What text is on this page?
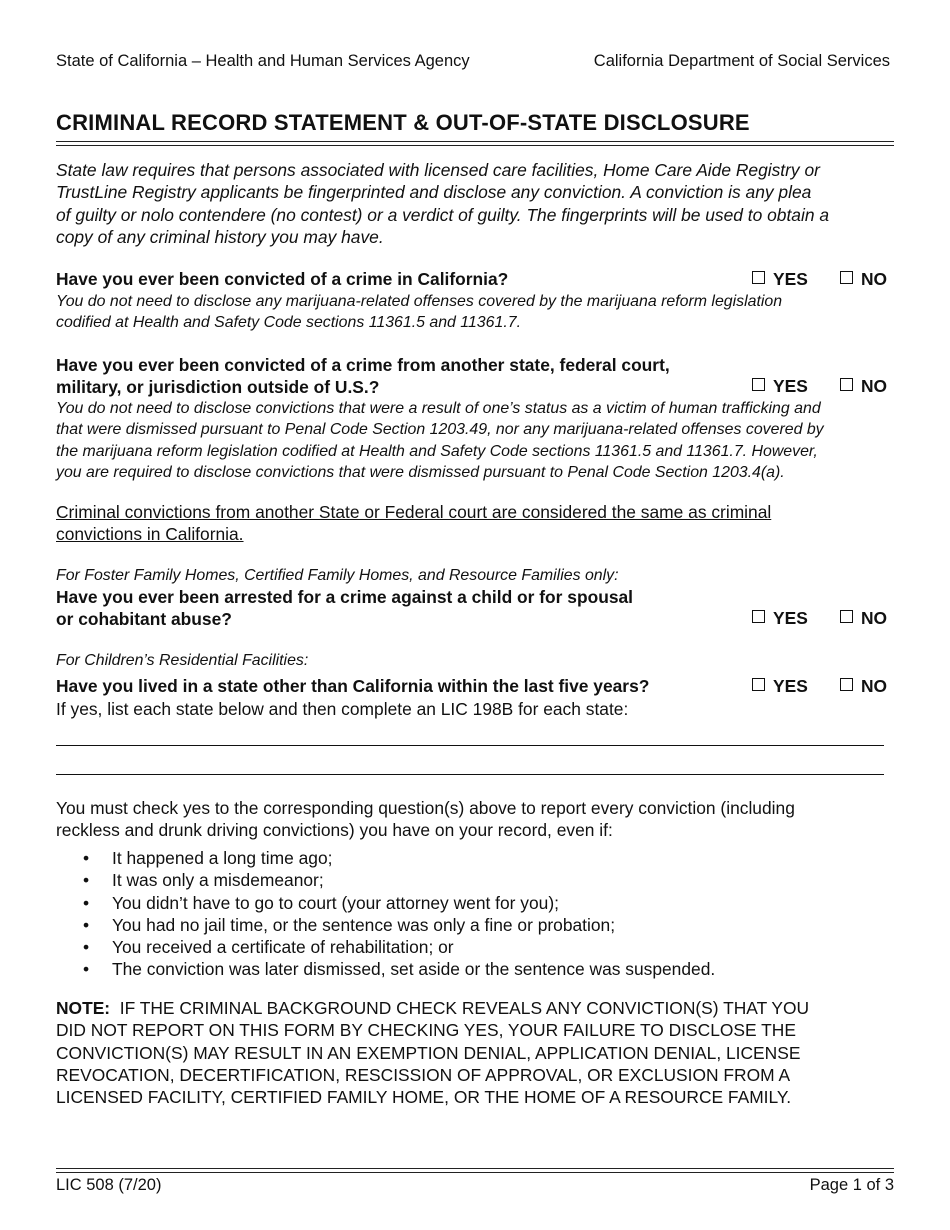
State of California – Health and Human Services Agency	California Department of Social Services
CRIMINAL RECORD STATEMENT & OUT-OF-STATE DISCLOSURE
State law requires that persons associated with licensed care facilities, Home Care Aide Registry or
TrustLine Registry applicants be fingerprinted and disclose any conviction. A conviction is any plea
of guilty or nolo contendere (no contest) or a verdict of guilty. The fingerprints will be used to obtain a
copy of any criminal history you may have.
Have you ever been convicted of a crime in California?	YES	NO
You do not need to disclose any marijuana-related offenses covered by the marijuana reform legislation
codified at Health and Safety Code sections 11361.5 and 11361.7.
Have you ever been convicted of a crime from another state, federal court,
military, or jurisdiction outside of U.S.?	YES	NO
You do not need to disclose convictions that were a result of one’s status as a victim of human trafficking and
that were dismissed pursuant to Penal Code Section 1203.49, nor any marijuana-related offenses covered by
the marijuana reform legislation codified at Health and Safety Code sections 11361.5 and 11361.7. However,
you are required to disclose convictions that were dismissed pursuant to Penal Code Section 1203.4(a).
Criminal convictions from another State or Federal court are considered the same as criminal
convictions in California.
For Foster Family Homes, Certified Family Homes, and Resource Families only:
Have you ever been arrested for a crime against a child or for spousal
or cohabitant abuse?	YES	NO
For Children’s Residential Facilities:
Have you lived in a state other than California within the last five years?	YES	NO
If yes, list each state below and then complete an LIC 198B for each state:
You must check yes to the corresponding question(s) above to report every conviction (including
reckless and drunk driving convictions) you have on your record, even if:
• It happened a long time ago;
• It was only a misdemeanor;
• You didn’t have to go to court (your attorney went for you);
• You had no jail time, or the sentence was only a fine or probation;
• You received a certificate of rehabilitation; or
• The conviction was later dismissed, set aside or the sentence was suspended.
NOTE:  IF THE CRIMINAL BACKGROUND CHECK REVEALS ANY CONVICTION(S) THAT YOU
DID NOT REPORT ON THIS FORM BY CHECKING YES, YOUR FAILURE TO DISCLOSE THE
CONVICTION(S) MAY RESULT IN AN EXEMPTION DENIAL, APPLICATION DENIAL, LICENSE
REVOCATION, DECERTIFICATION, RESCISSION OF APPROVAL, OR EXCLUSION FROM A
LICENSED FACILITY, CERTIFIED FAMILY HOME, OR THE HOME OF A RESOURCE FAMILY.
LIC 508 (7/20)	Page 1 of 3
